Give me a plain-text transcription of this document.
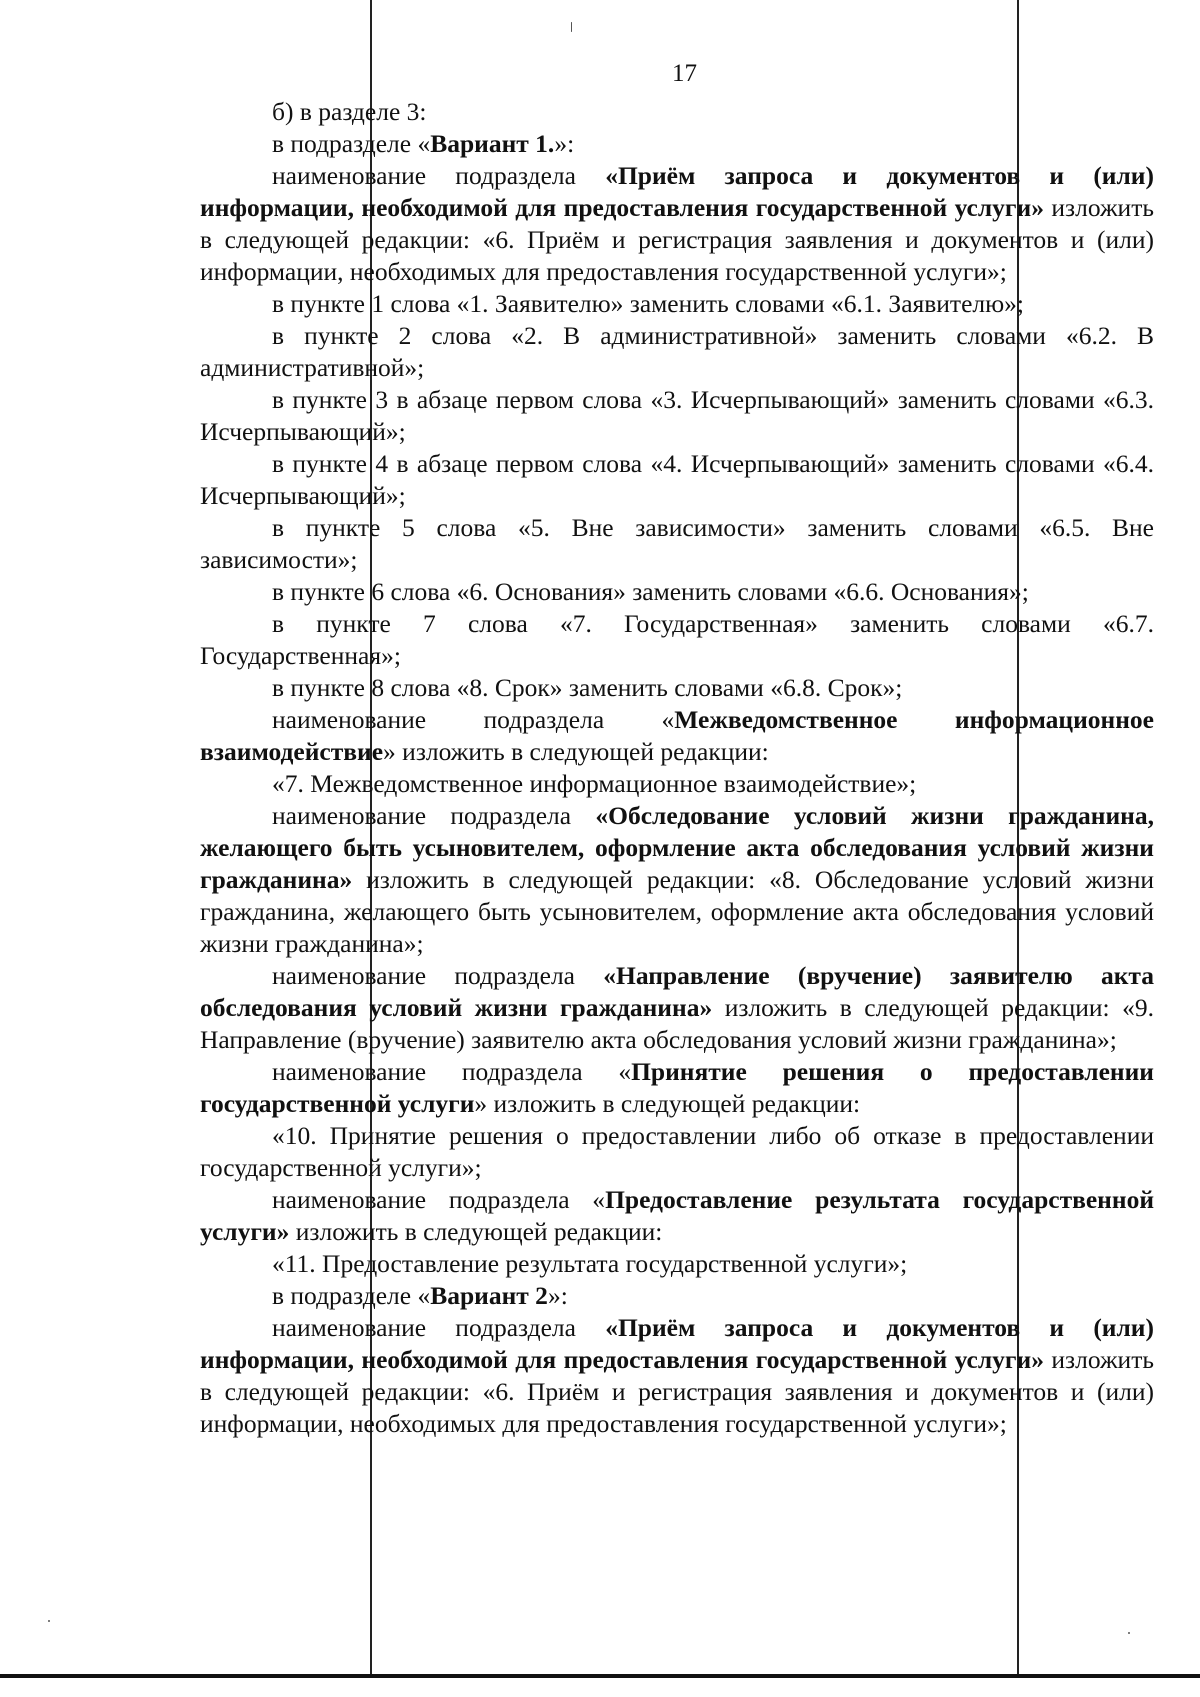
17

б) в разделе 3:

в подразделе «Вариант 1.»:

наименование подраздела «Приём запроса и документов и (или) информации, необходимой для предоставления государственной услуги» изложить в следующей редакции: «6. Приём и регистрация заявления и документов и (или) информации, необходимых для предоставления государственной услуги»;

в пункте 1 слова «1. Заявителю» заменить словами «6.1. Заявителю»;

в пункте 2 слова «2. В административной» заменить словами «6.2. В административной»;

в пункте 3 в абзаце первом слова «3. Исчерпывающий» заменить словами «6.3. Исчерпывающий»;

в пункте 4 в абзаце первом слова «4. Исчерпывающий» заменить словами «6.4. Исчерпывающий»;

в пункте 5 слова «5. Вне зависимости» заменить словами «6.5. Вне зависимости»;

в пункте 6 слова «6. Основания» заменить словами «6.6. Основания»;

в пункте 7 слова «7. Государственная» заменить словами «6.7. Государственная»;

в пункте 8 слова «8. Срок» заменить словами «6.8. Срок»;

наименование подраздела «Межведомственное информационное взаимодействие» изложить в следующей редакции:

«7. Межведомственное информационное взаимодействие»;

наименование подраздела «Обследование условий жизни гражданина, желающего быть усыновителем, оформление акта обследования условий жизни гражданина» изложить в следующей редакции: «8. Обследование условий жизни гражданина, желающего быть усыновителем, оформление акта обследования условий жизни гражданина»;

наименование подраздела «Направление (вручение) заявителю акта обследования условий жизни гражданина» изложить в следующей редакции: «9. Направление (вручение) заявителю акта обследования условий жизни гражданина»;

наименование подраздела «Принятие решения о предоставлении государственной услуги» изложить в следующей редакции:

«10. Принятие решения о предоставлении либо об отказе в предоставлении государственной услуги»;

наименование подраздела «Предоставление результата государственной услуги» изложить в следующей редакции:

«11. Предоставление результата государственной услуги»;

в подразделе «Вариант 2»:

наименование подраздела «Приём запроса и документов и (или) информации, необходимой для предоставления государственной услуги» изложить в следующей редакции: «6. Приём и регистрация заявления и документов и (или) информации, необходимых для предоставления государственной услуги»;
